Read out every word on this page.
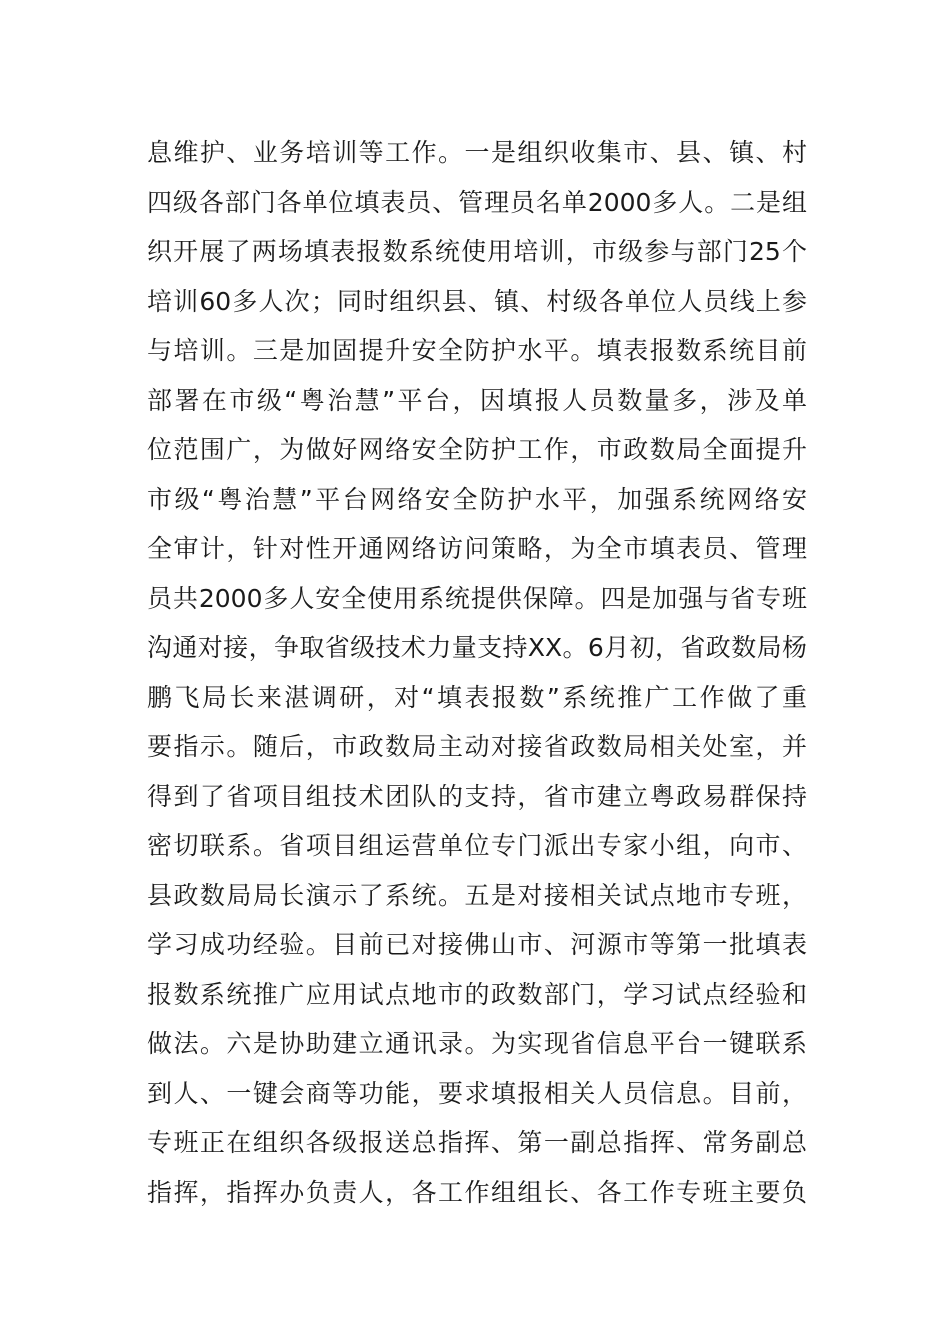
息维护、业务培训等工作。一是组织收集市、县、镇、村
四级各部门各单位填表员、管理员名单2000多人。二是组
织开展了两场填表报数系统使用培训，市级参与部门25个
培训60多人次；同时组织县、镇、村级各单位人员线上参
与培训。三是加固提升安全防护水平。填表报数系统目前
部署在市级“粤治慧”平台，因填报人员数量多，涉及单
位范围广，为做好网络安全防护工作，市政数局全面提升
市级“粤治慧”平台网络安全防护水平，加强系统网络安
全审计，针对性开通网络访问策略，为全市填表员、管理
员共2000多人安全使用系统提供保障。四是加强与省专班
沟通对接，争取省级技术力量支持XX。6月初，省政数局杨
鹏飞局长来湛调研，对“填表报数”系统推广工作做了重
要指示。随后，市政数局主动对接省政数局相关处室，并
得到了省项目组技术团队的支持，省市建立粤政易群保持
密切联系。省项目组运营单位专门派出专家小组，向市、
县政数局局长演示了系统。五是对接相关试点地市专班，
学习成功经验。目前已对接佛山市、河源市等第一批填表
报数系统推广应用试点地市的政数部门，学习试点经验和
做法。六是协助建立通讯录。为实现省信息平台一键联系
到人、一键会商等功能，要求填报相关人员信息。目前，
专班正在组织各级报送总指挥、第一副总指挥、常务副总
指挥，指挥办负责人，各工作组组长、各工作专班主要负
